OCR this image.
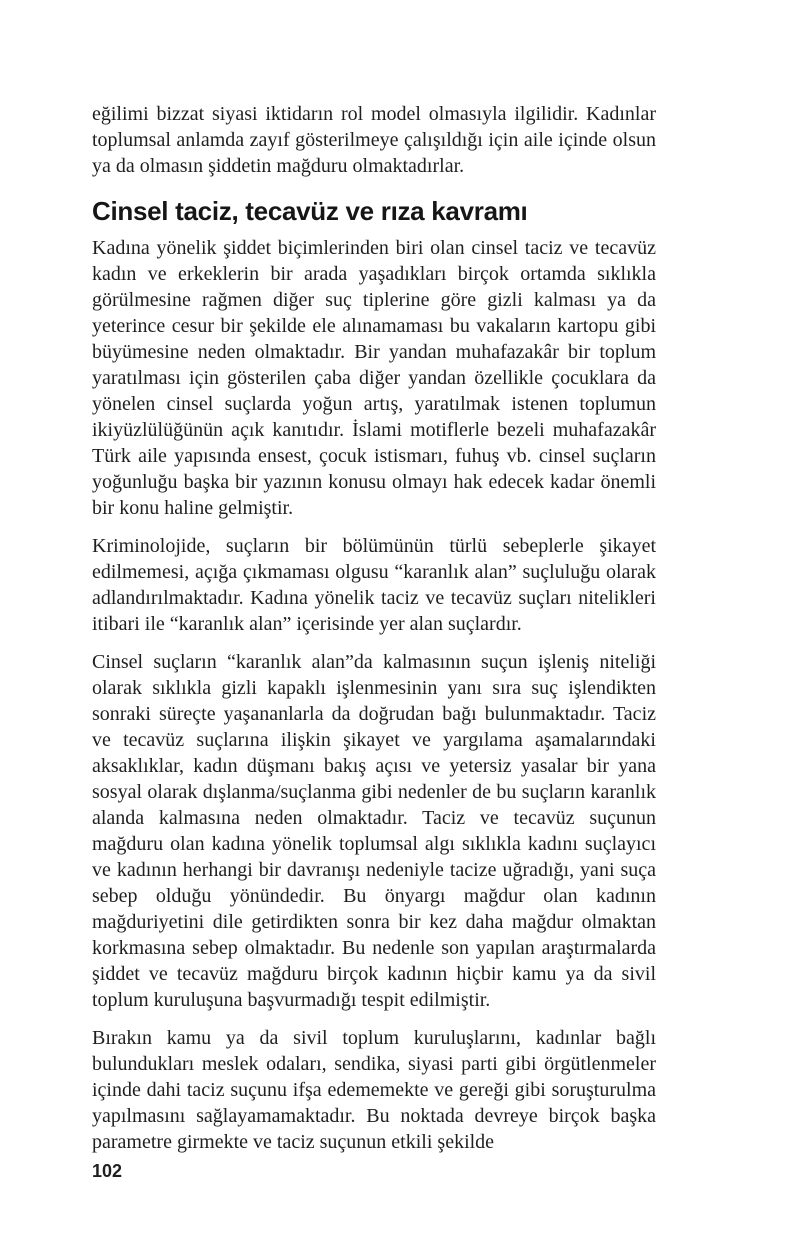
eğilimi bizzat siyasi iktidarın rol model olmasıyla ilgilidir. Kadınlar toplumsal anlamda zayıf gösterilmeye çalışıldığı için aile içinde olsun ya da olmasın şiddetin mağduru olmaktadırlar.

Cinsel taciz, tecavüz ve rıza kavramı

Kadına yönelik şiddet biçimlerinden biri olan cinsel taciz ve tecavüz kadın ve erkeklerin bir arada yaşadıkları birçok ortamda sıklıkla görülmesine rağmen diğer suç tiplerine göre gizli kalması ya da yeterince cesur bir şekilde ele alınamaması bu vakaların kartopu gibi büyümesine neden olmaktadır. Bir yandan muhafazakâr bir toplum yaratılması için gösterilen çaba diğer yandan özellikle çocuklara da yönelen cinsel suçlarda yoğun artış, yaratılmak istenen toplumun ikiyüzlülüğünün açık kanıtıdır. İslami motiflerle bezeli muhafazakâr Türk aile yapısında ensest, çocuk istismarı, fuhuş vb. cinsel suçların yoğunluğu başka bir yazının konusu olmayı hak edecek kadar önemli bir konu haline gelmiştir.

Kriminolojide, suçların bir bölümünün türlü sebeplerle şikayet edilmemesi, açığa çıkmaması olgusu “karanlık alan” suçluluğu olarak adlandırılmaktadır. Kadına yönelik taciz ve tecavüz suçları nitelikleri itibari ile “karanlık alan” içerisinde yer alan suçlardır.

Cinsel suçların “karanlık alan”da kalmasının suçun işleniş niteliği olarak sıklıkla gizli kapaklı işlenmesinin yanı sıra suç işlendikten sonraki süreçte yaşananlarla da doğrudan bağı bulunmaktadır. Taciz ve tecavüz suçlarına ilişkin şikayet ve yargılama aşamalarındaki aksaklıklar, kadın düşmanı bakış açısı ve yetersiz yasalar bir yana sosyal olarak dışlanma/suçlanma gibi nedenler de bu suçların karanlık alanda kalmasına neden olmaktadır. Taciz ve tecavüz suçunun mağduru olan kadına yönelik toplumsal algı sıklıkla kadını suçlayıcı ve kadının herhangi bir davranışı nedeniyle tacize uğradığı, yani suça sebep olduğu yönündedir. Bu önyargı mağdur olan kadının mağduriyetini dile getirdikten sonra bir kez daha mağdur olmaktan korkmasına sebep olmaktadır. Bu nedenle son yapılan araştırmalarda şiddet ve tecavüz mağduru birçok kadının hiçbir kamu ya da sivil toplum kuruluşuna başvurmadığı tespit edilmiştir.

Bırakın kamu ya da sivil toplum kuruluşlarını, kadınlar bağlı bulundukları meslek odaları, sendika, siyasi parti gibi örgütlenmeler içinde dahi taciz suçunu ifşa edememekte ve gereği gibi soruşturulma yapılmasını sağlayamamaktadır. Bu noktada devreye birçok başka parametre girmekte ve taciz suçunun etkili şekilde

102
